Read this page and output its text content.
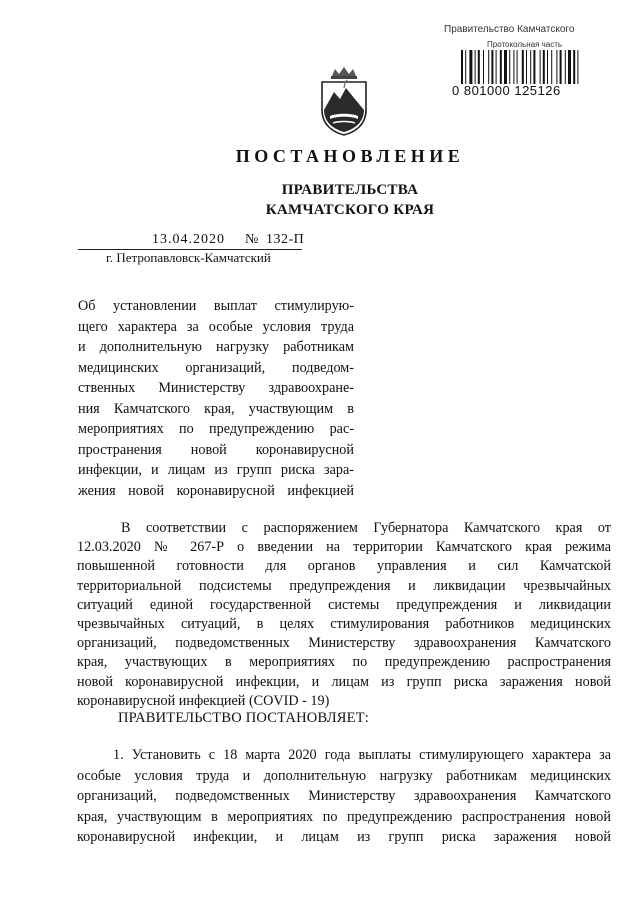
Правительство Камчатского
Протокольная часть
0 801000 125126
ПОСТАНОВЛЕНИЕ
ПРАВИТЕЛЬСТВА
КАМЧАТСКОГО КРАЯ
13.04.2020 № 132-П
г. Петропавловск-Камчатский
Об установлении выплат стимулирую-
щего характера за особые условия труда
и дополнительную нагрузку работникам
медицинских организаций, подведом-
ственных Министерству здравоохране-
ния Камчатского края, участвующим в
мероприятиях по предупреждению рас-
пространения новой коронавирусной
инфекции, и лицам из групп риска зара-
жения новой коронавирусной инфекцией
В соответствии с распоряжением Губернатора Камчатского края от
12.03.2020 № 267-Р о введении на территории Камчатского края режима
повышенной готовности для органов управления и сил Камчатской
территориальной подсистемы предупреждения и ликвидации чрезвычайных
ситуаций единой государственной системы предупреждения и ликвидации
чрезвычайных ситуаций, в целях стимулирования работников медицинских
организаций, подведомственных Министерству здравоохранения Камчатского
края, участвующих в мероприятиях по предупреждению распространения
новой коронавирусной инфекции, и лицам из групп риска заражения новой
коронавирусной инфекцией (COVID - 19)
ПРАВИТЕЛЬСТВО ПОСТАНОВЛЯЕТ:
1. Установить с 18 марта 2020 года выплаты стимулирующего характера за
особые условия труда и дополнительную нагрузку работникам медицинских
организаций, подведомственных Министерству здравоохранения Камчатского
края, участвующим в мероприятиях по предупреждению распространения новой
коронавирусной инфекции, и лицам из групп риска заражения новой
